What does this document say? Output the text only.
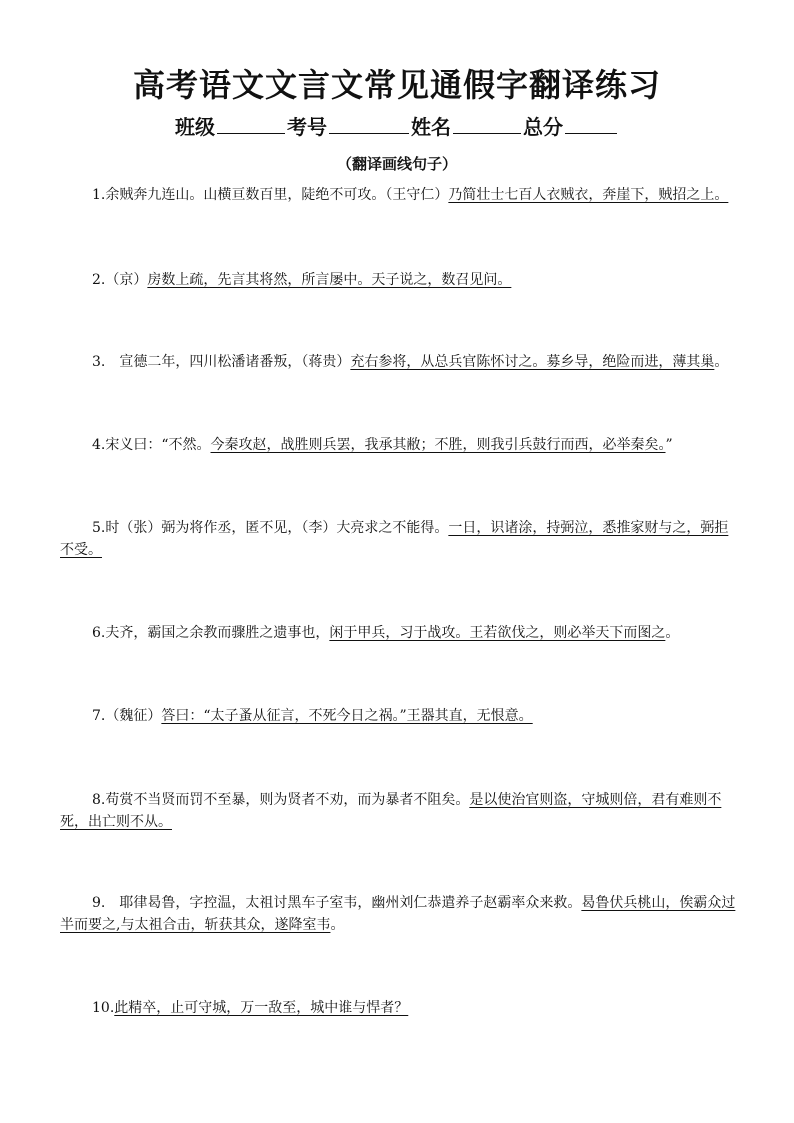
高考语文文言文常见通假字翻译练习
班级	考号	姓名	总分
（翻译画线句子）
1.余贼奔九连山。山横亘数百里，陡绝不可攻。（王守仁）乃简壮士七百人衣贼衣，奔崖下，贼招之上。
2.（京）房数上疏，先言其将然，所言屡中。天子说之，数召见问。
3.　宣德二年，四川松潘诸番叛，（蒋贵）充右参将，从总兵官陈怀讨之。募乡导，绝险而进，薄其巢。
4.宋义曰：“不然。今秦攻赵，战胜则兵罢，我承其敝；不胜，则我引兵鼓行而西，必举秦矣。”
5.时（张）弼为将作丞，匿不见，（李）大亮求之不能得。一日，识诸涂，持弼泣，悉推家财与之，弼拒不受。
6.夫齐，霸国之余教而骤胜之遗事也，闲于甲兵，习于战攻。王若欲伐之，则必举天下而图之。
7.（魏征）答曰：“太子蚤从征言，不死今日之祸。”王器其直，无恨意。
8.苟赏不当贤而罚不至暴，则为贤者不劝，而为暴者不阻矣。是以使治官则盗，守城则倍，君有难则不死，出亡则不从。
9.　耶律曷鲁，字控温，太祖讨黑车子室韦，幽州刘仁恭遣养子赵霸率众来救。曷鲁伏兵桃山，俟霸众过半而要之,与太祖合击，斩获其众，遂降室韦。
10.此精卒，止可守城，万一敌至，城中谁与悍者？
